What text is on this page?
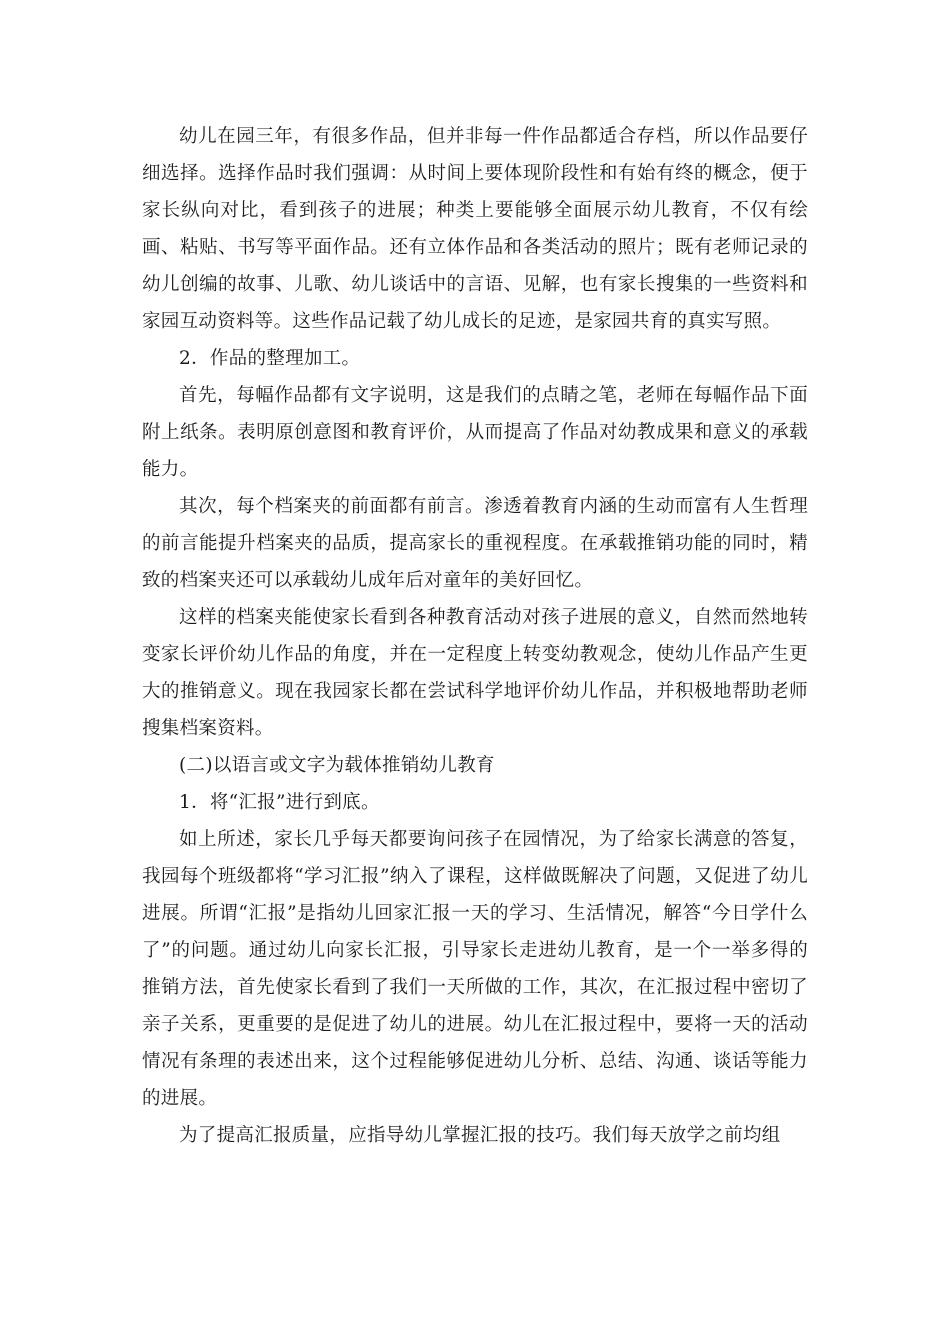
幼儿在园三年，有很多作品，但并非每一件作品都适合存档，所以作品要仔细选择。选择作品时我们强调：从时间上要体现阶段性和有始有终的概念，便于家长纵向对比，看到孩子的进展；种类上要能够全面展示幼儿教育，不仅有绘画、粘贴、书写等平面作品。还有立体作品和各类活动的照片；既有老师记录的幼儿创编的故事、儿歌、幼儿谈话中的言语、见解，也有家长搜集的一些资料和家园互动资料等。这些作品记载了幼儿成长的足迹，是家园共育的真实写照。

2．作品的整理加工。

首先，每幅作品都有文字说明，这是我们的点睛之笔，老师在每幅作品下面附上纸条。表明原创意图和教育评价，从而提高了作品对幼教成果和意义的承载能力。

其次，每个档案夹的前面都有前言。渗透着教育内涵的生动而富有人生哲理的前言能提升档案夹的品质，提高家长的重视程度。在承载推销功能的同时，精致的档案夹还可以承载幼儿成年后对童年的美好回忆。

这样的档案夹能使家长看到各种教育活动对孩子进展的意义，自然而然地转变家长评价幼儿作品的角度，并在一定程度上转变幼教观念，使幼儿作品产生更大的推销意义。现在我园家长都在尝试科学地评价幼儿作品，并积极地帮助老师搜集档案资料。

(二)以语言或文字为载体推销幼儿教育

1．将“汇报”进行到底。

如上所述，家长几乎每天都要询问孩子在园情况，为了给家长满意的答复，我园每个班级都将“学习汇报”纳入了课程，这样做既解决了问题，又促进了幼儿进展。所谓“汇报”是指幼儿回家汇报一天的学习、生活情况，解答“今日学什么了”的问题。通过幼儿向家长汇报，引导家长走进幼儿教育，是一个一举多得的推销方法，首先使家长看到了我们一天所做的工作，其次，在汇报过程中密切了亲子关系，更重要的是促进了幼儿的进展。幼儿在汇报过程中，要将一天的活动情况有条理的表述出来，这个过程能够促进幼儿分析、总结、沟通、谈话等能力的进展。

为了提高汇报质量，应指导幼儿掌握汇报的技巧。我们每天放学之前均组
